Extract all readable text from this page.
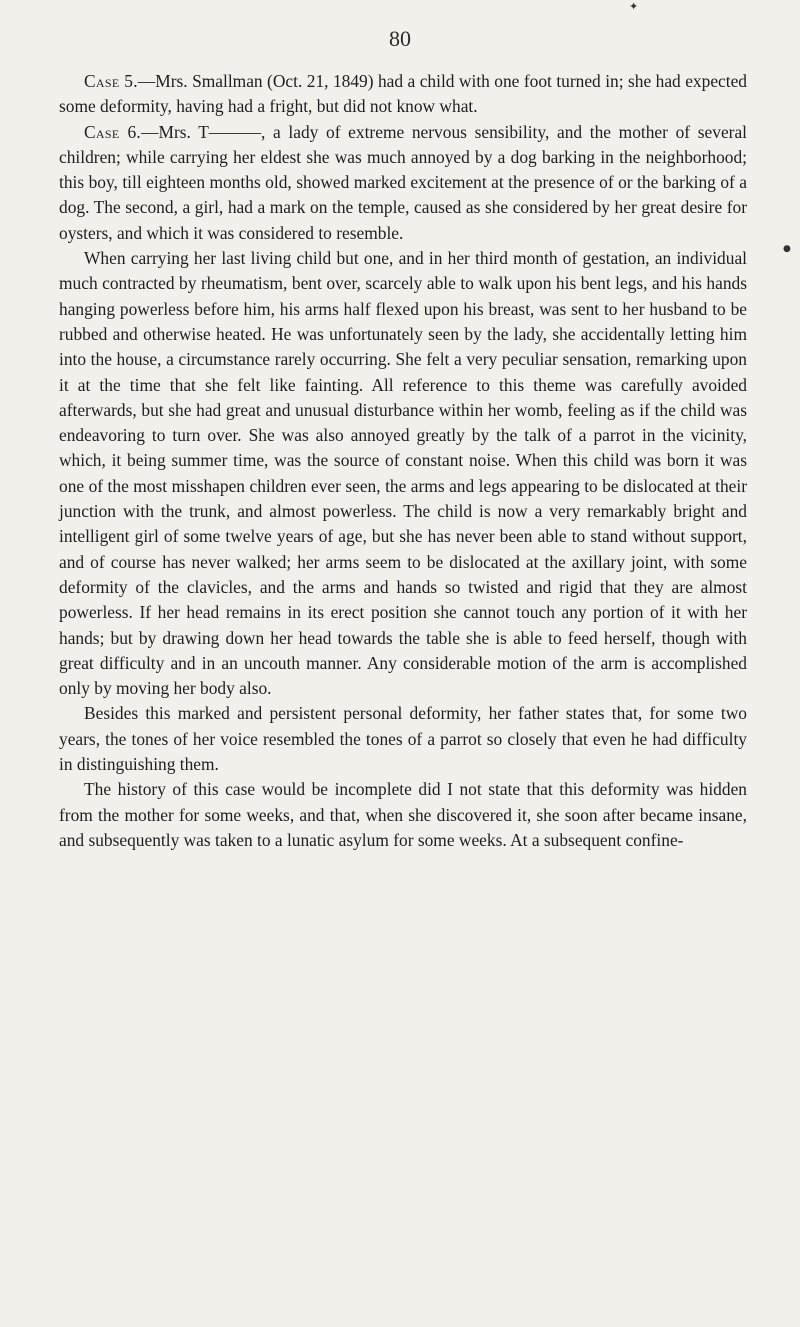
✦
●
80

Case 5.—Mrs. Smallman (Oct. 21, 1849) had a child with one foot turned in; she had expected some deformity, having had a fright, but did not know what.

Case 6.—Mrs. T———, a lady of extreme nervous sensibility, and the mother of several children; while carrying her eldest she was much annoyed by a dog barking in the neighborhood; this boy, till eighteen months old, showed marked excitement at the presence of or the barking of a dog. The second, a girl, had a mark on the temple, caused as she considered by her great desire for oysters, and which it was considered to resemble.

When carrying her last living child but one, and in her third month of gestation, an individual much contracted by rheumatism, bent over, scarcely able to walk upon his bent legs, and his hands hanging powerless before him, his arms half flexed upon his breast, was sent to her husband to be rubbed and otherwise heated. He was unfortunately seen by the lady, she accidentally letting him into the house, a circumstance rarely occurring. She felt a very peculiar sensation, remarking upon it at the time that she felt like fainting. All reference to this theme was carefully avoided afterwards, but she had great and unusual disturbance within her womb, feeling as if the child was endeavoring to turn over. She was also annoyed greatly by the talk of a parrot in the vicinity, which, it being summer time, was the source of constant noise. When this child was born it was one of the most misshapen children ever seen, the arms and legs appearing to be dislocated at their junction with the trunk, and almost powerless. The child is now a very remarkably bright and intelligent girl of some twelve years of age, but she has never been able to stand without support, and of course has never walked; her arms seem to be dislocated at the axillary joint, with some deformity of the clavicles, and the arms and hands so twisted and rigid that they are almost powerless. If her head remains in its erect position she cannot touch any portion of it with her hands; but by drawing down her head towards the table she is able to feed herself, though with great difficulty and in an uncouth manner. Any considerable motion of the arm is accomplished only by moving her body also.

Besides this marked and persistent personal deformity, her father states that, for some two years, the tones of her voice resembled the tones of a parrot so closely that even he had difficulty in distinguishing them.

The history of this case would be incomplete did I not state that this deformity was hidden from the mother for some weeks, and that, when she discovered it, she soon after became insane, and subsequently was taken to a lunatic asylum for some weeks. At a subsequent confine-
